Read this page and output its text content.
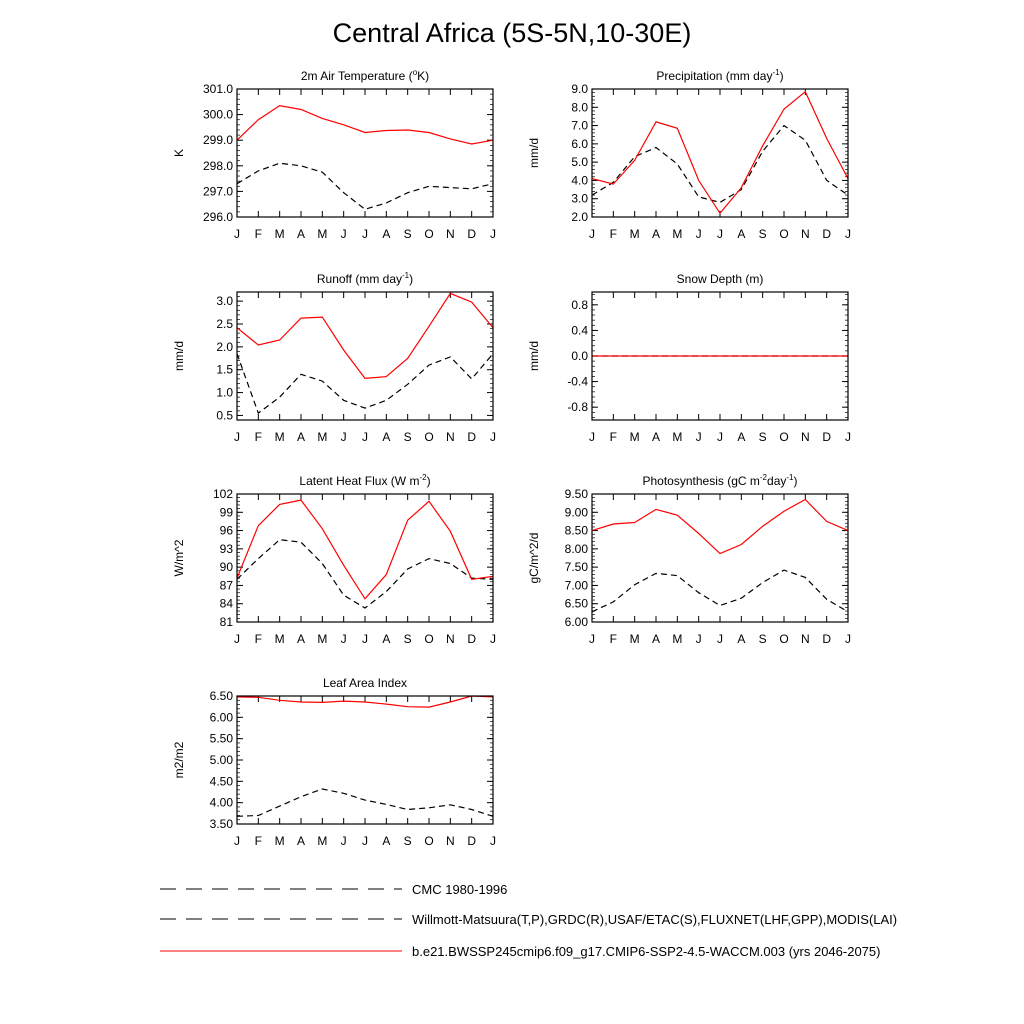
Central Africa (5S-5N,10-30E)
2m Air Temperature ($^o$K)
K
296.0
297.0
298.0
299.0
300.0
301.0
J F M A M J J A S O N D J
Precipitation (mm day$^{-1}$)
mm/d
2.0
3.0
4.0
5.0
6.0
7.0
8.0
9.0
J F M A M J J A S O N D J
Runoff (mm day$^{-1}$)
mm/d
0.5
1.0
1.5
2.0
2.5
3.0
J F M A M J J A S O N D J
Snow Depth (m)
mm/d
-0.8
-0.4
0.0
0.4
0.8
J F M A M J J A S O N D J
Latent Heat Flux (W $m^{-2}$)
W/m^2
81
84
87
90
93
96
99
102
J F M A M J J A S O N D J
Photosynthesis (gC $m^{-2}day^{-1}$)
gC/m^2/d
6.00
6.50
7.00
7.50
8.00
8.50
9.00
9.50
J F M A M J J A S O N D J
Leaf Area Index
m2/m2
3.50
4.00
4.50
5.00
5.50
6.00
6.50
J F M A M J J A S O N D J
CMC 1980-1996
Willmott-Matsuura(T,P),GRDC(R),USAF/ETAC(S),FLUXNET(LHF,GPP),MODIS(LAI)
b.e21.BWSSP245cmip6.f09_g17.CMIP6-SSP2-4.5-WACCM.003 (yrs 2046-2075)
